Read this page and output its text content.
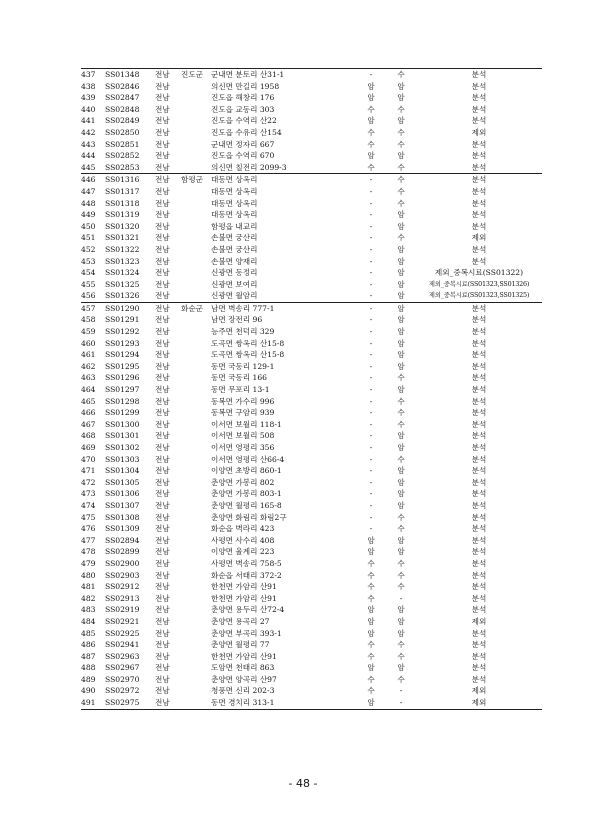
437	SS01348	전남	진도군	군내면 분토리 산31-1	-	수	분석
438	SS02846	전남		의신면 만길리 1958	암	암	분석
439	SS02847	전남		진도읍 해창리 176	암	암	분석
440	SS02848	전남		진도읍 교동리 303	수	수	분석
441	SS02849	전남		진도읍 수역리 산22	암	암	분석
442	SS02850	전남		진도읍 수유리 산154	수	수	제외
443	SS02851	전남		군내면 정자리 667	수	수	분석
444	SS02852	전남		진도읍 수역리 670	암	암	분석
445	SS02853	전남		의신면 칠전리 2099-3	수	수	분석
446	SS01316	전남	함평군	대동면 상옥리	-	수	분석
447	SS01317	전남		대동면 상옥리	-	수	분석
448	SS01318	전남		대동면 상옥리	-	수	분석
449	SS01319	전남		대동면 상옥리	-	암	분석
450	SS01320	전남		함평읍 내교리	-	암	분석
451	SS01321	전남		손불면 궁산리	-	수	제외
452	SS01322	전남		손불면 궁산리	-	암	분석
453	SS01323	전남		손불면 양재리	-	암	분석
454	SS01324	전남		신광면 동정리	-	암	제외_중복시료(SS01322)
455	SS01325	전남		신광면 보여리	-	암	제외_중복시료(SS01323,SS01326)
456	SS01326	전남		신광면 월암리	-	암	제외_중복시료(SS01323,SS01325)
457	SS01290	전남	화순군	남면 벽송리 777-1	-	암	분석
458	SS01291	전남		남면 장전리 96	-	암	분석
459	SS01292	전남		능주면 천덕리 329	-	암	분석
460	SS01293	전남		도곡면 쌍옥리 산15-8	-	암	분석
461	SS01294	전남		도곡면 쌍옥리 산15-8	-	암	분석
462	SS01295	전남		동면 국동리 129-1	-	암	분석
463	SS01296	전남		동면 국동리 166	-	수	분석
464	SS01297	전남		동면 무포리 13-1	-	암	분석
465	SS01298	전남		동복면 가수리 996	-	수	분석
466	SS01299	전남		동복면 구암리 939	-	수	분석
467	SS01300	전남		이서면 보월리 118-1	-	수	분석
468	SS01301	전남		이서면 보월리 508	-	암	분석
469	SS01302	전남		이서면 영평리 356	-	암	분석
470	SS01303	전남		이서면 영평리 산66-4	-	수	분석
471	SS01304	전남		이양면 초방리 860-1	-	암	분석
472	SS01305	전남		춘양면 가봉리 802	-	암	분석
473	SS01306	전남		춘양면 가봉리 803-1	-	암	분석
474	SS01307	전남		춘양면 월평리 165-8	-	암	분석
475	SS01308	전남		춘양면 화림리 화림2구	-	수	분석
476	SS01309	전남		화순읍 벽라리 423	-	수	분석
477	SS02894	전남		사평면 사수리 408	암	암	분석
478	SS02899	전남		이양면 율계리 223	암	암	분석
479	SS02900	전남		사평면 벽송리 758-5	수	수	분석
480	SS02903	전남		화순읍 서태리 372-2	수	수	분석
481	SS02912	전남		한천면 가암리 산91	수	수	분석
482	SS02913	전남		한천면 가암리 산91	수	-	분석
483	SS02919	전남		춘양면 용두리 산72-4	암	암	분석
484	SS02921	전남		춘양면 용곡리 27	암	암	제외
485	SS02925	전남		춘양면 부곡리 393-1	암	암	분석
486	SS02941	전남		춘양면 월평리 77	수	수	분석
487	SS02963	전남		한천면 가암리 산91	수	수	분석
488	SS02967	전남		도암면 천태리 863	암	암	분석
489	SS02970	전남		춘양면 양곡리 산97	수	수	분석
490	SS02972	전남		청풍면 신리 202-3	수	-	제외
491	SS02975	전남		동면 경치리 313-1	암	-	제외
- 48 -
